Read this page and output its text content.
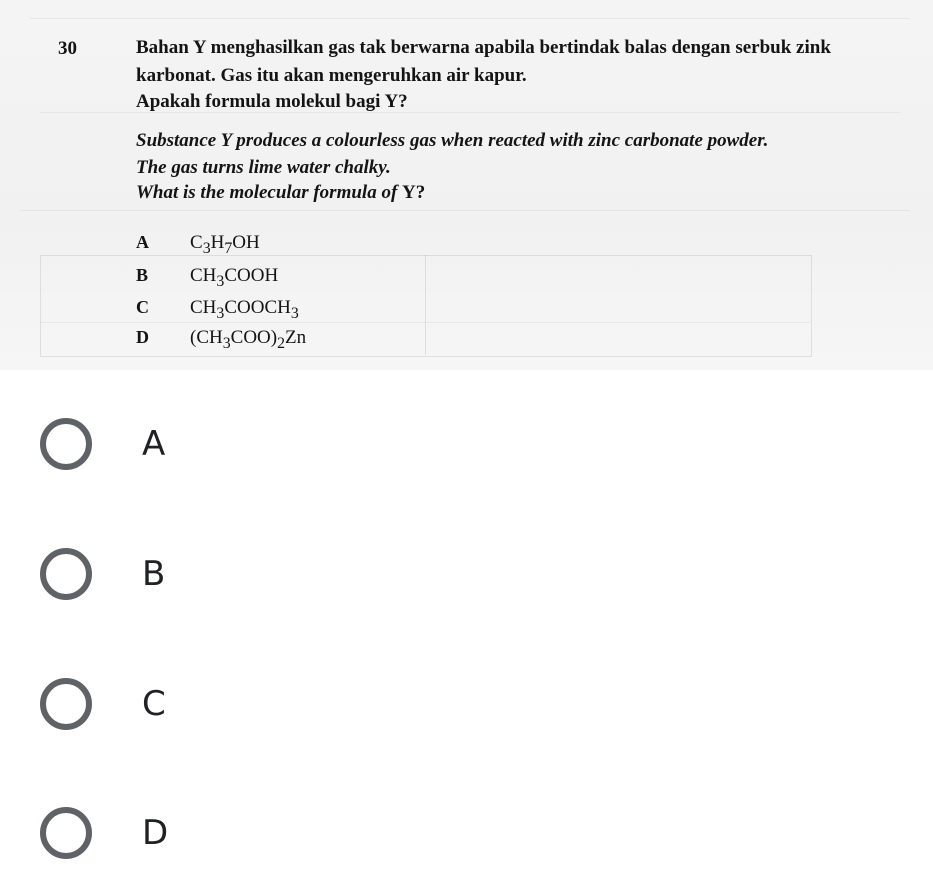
30	Bahan Y menghasilkan gas tak berwarna apabila bertindak balas dengan serbuk zink
karbonat. Gas itu akan mengeruhkan air kapur.
Apakah formula molekul bagi Y?
Substance Y produces a colourless gas when reacted with zinc carbonate powder.
The gas turns lime water chalky.
What is the molecular formula of Y?
A $C_3H_7OH$
B $CH_3COOH$
C $CH_3COOCH_3$
D $(CH_3COO)_2Zn$
A
B
C
D
